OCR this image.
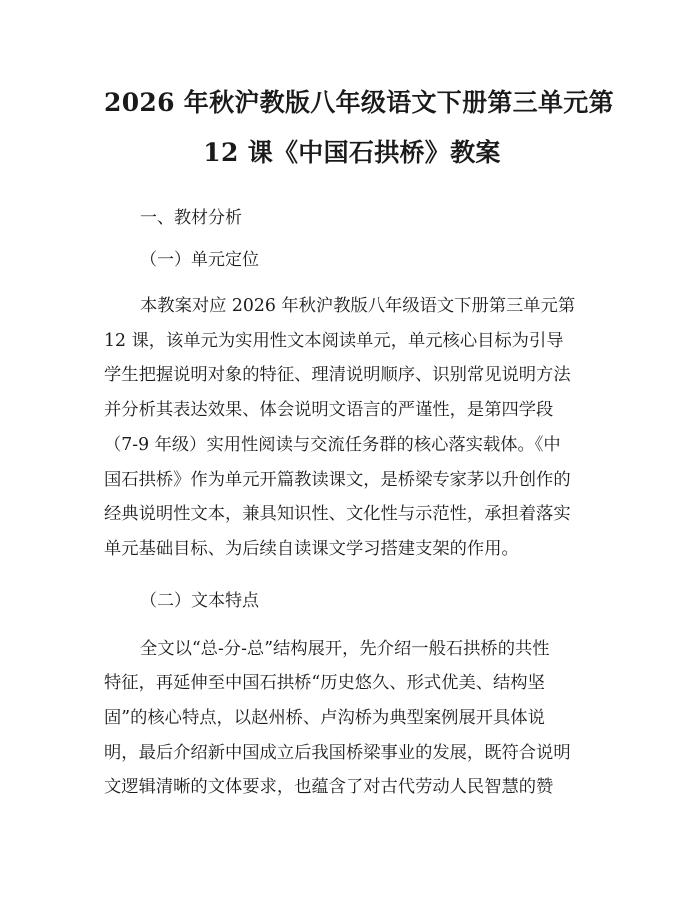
2026 年秋沪教版八年级语文下册第三单元第
12 课《中国石拱桥》教案
一、教材分析
（一）单元定位

本教案对应 2026 年秋沪教版八年级语文下册第三单元第
12 课，该单元为实用性文本阅读单元，单元核心目标为引导
学生把握说明对象的特征、理清说明顺序、识别常见说明方法
并分析其表达效果、体会说明文语言的严谨性，是第四学段
（7-9 年级）实用性阅读与交流任务群的核心落实载体。《中
国石拱桥》作为单元开篇教读课文，是桥梁专家茅以升创作的
经典说明性文本，兼具知识性、文化性与示范性，承担着落实
单元基础目标、为后续自读课文学习搭建支架的作用。

（二）文本特点

全文以“总-分-总”结构展开，先介绍一般石拱桥的共性
特征，再延伸至中国石拱桥“历史悠久、形式优美、结构坚
固”的核心特点，以赵州桥、卢沟桥为典型案例展开具体说
明，最后介绍新中国成立后我国桥梁事业的发展，既符合说明
文逻辑清晰的文体要求，也蕴含了对古代劳动人民智慧的赞
